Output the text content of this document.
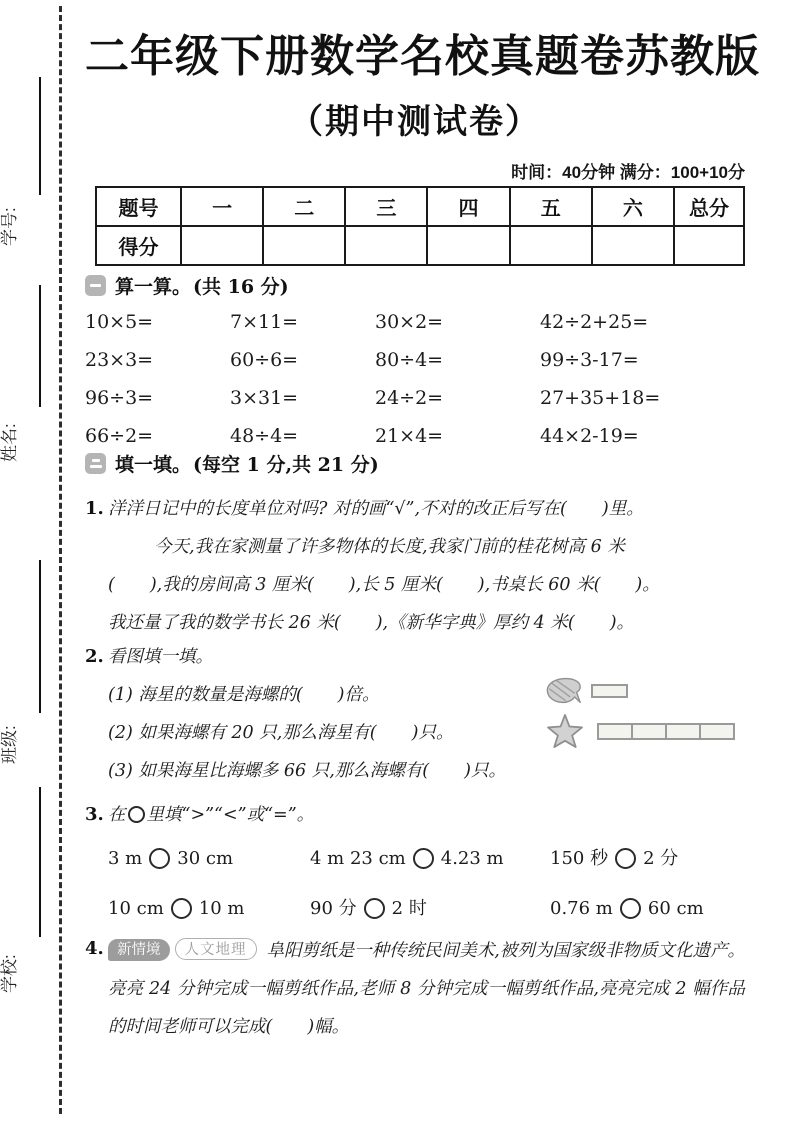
学号:
姓名:
班级:
学校:
二年级下册数学名校真题卷苏教版
（期中测试卷）
时间：40分钟 满分：100+10分
题号	一	二	三	四	五	六	总分
得分							
算一算。 (共 16 分)
10×5=	7×11=	30×2=	42÷2+25=
23×3=	60÷6=	80÷4=	99÷3-17=
96÷3=	3×31=	24÷2=	27+35+18=
66÷2=	48÷4=	21×4=	44×2-19=
填一填。 (每空 1 分,共 21 分)
1. 洋洋日记中的长度单位对吗? 对的画“√”,不对的改正后写在(　　)里。
今天,我在家测量了许多物体的长度,我家门前的桂花树高 6 米
(　　),我的房间高 3 厘米(　　),长 5 厘米(　　),书桌长 60 米(　　)。
我还量了我的数学书长 26 米(　　),《新华字典》厚约 4 米(　　)。
2. 看图填一填。
(1) 海星的数量是海螺的(　　)倍。
(2) 如果海螺有 20 只,那么海星有(　　)只。
(3) 如果海星比海螺多 66 只,那么海螺有(　　)只。
3. 在 里填“>”“<”或“=”。
3 m 30 cm	4 m 23 cm 4.23 m	150 秒 2 分
10 cm 10 m	90 分 2 时	0.76 m 60 cm
4. 新情境 人文地理 阜阳剪纸是一种传统民间美术,被列为国家级非物质文化遗产。亮亮 24 分钟完成一幅剪纸作品,老师 8 分钟完成一幅剪纸作品,亮亮完成 2 幅作品的时间老师可以完成(　　)幅。
